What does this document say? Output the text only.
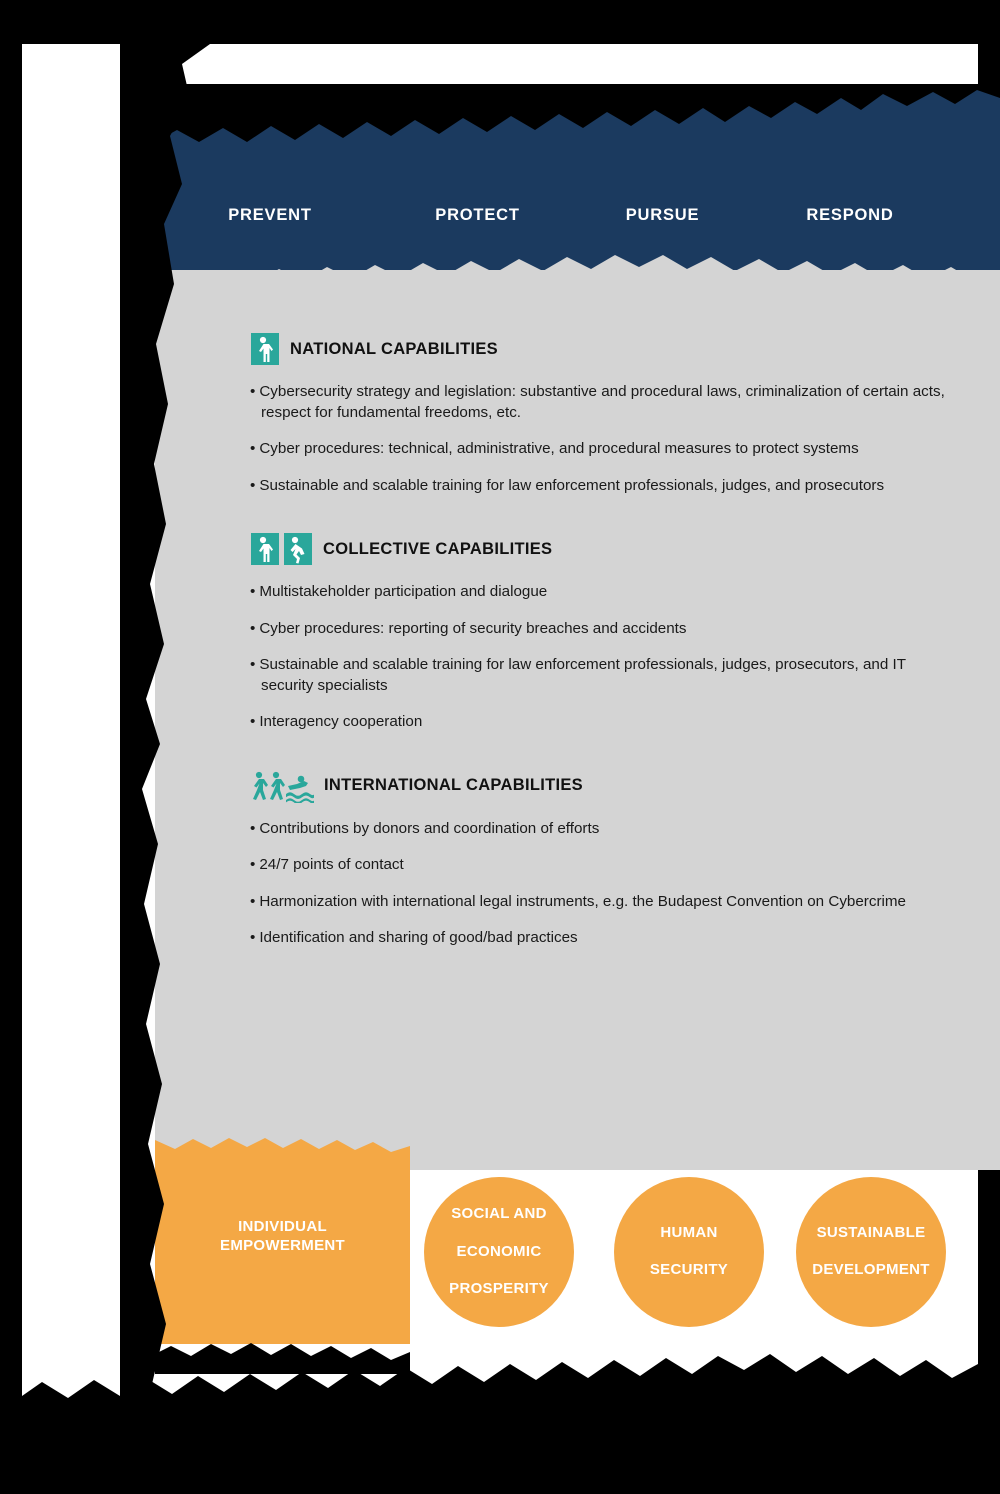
PREVENT	PROTECT	PURSUE	RESPOND
NATIONAL CAPABILITIES
• Cybersecurity strategy and legislation: substantive and procedural laws, criminalization of certain acts, respect for fundamental freedoms, etc.
• Cyber procedures: technical, administrative, and procedural measures to protect systems
• Sustainable and scalable training for law enforcement professionals, judges, and prosecutors
COLLECTIVE CAPABILITIES
• Multistakeholder participation and dialogue
• Cyber procedures: reporting of security breaches and accidents
• Sustainable and scalable training for law enforcement professionals, judges, prosecutors, and IT security specialists
• Interagency cooperation
INTERNATIONAL CAPABILITIES
• Contributions by donors and coordination of efforts
• 24/7 points of contact
• Harmonization with international legal instruments, e.g. the Budapest Convention on Cybercrime
• Identification and sharing of good/bad practices
INDIVIDUAL
EMPOWERMENT
SOCIAL AND

ECONOMIC

PROSPERITY
HUMAN

SECURITY
SUSTAINABLE

DEVELOPMENT
